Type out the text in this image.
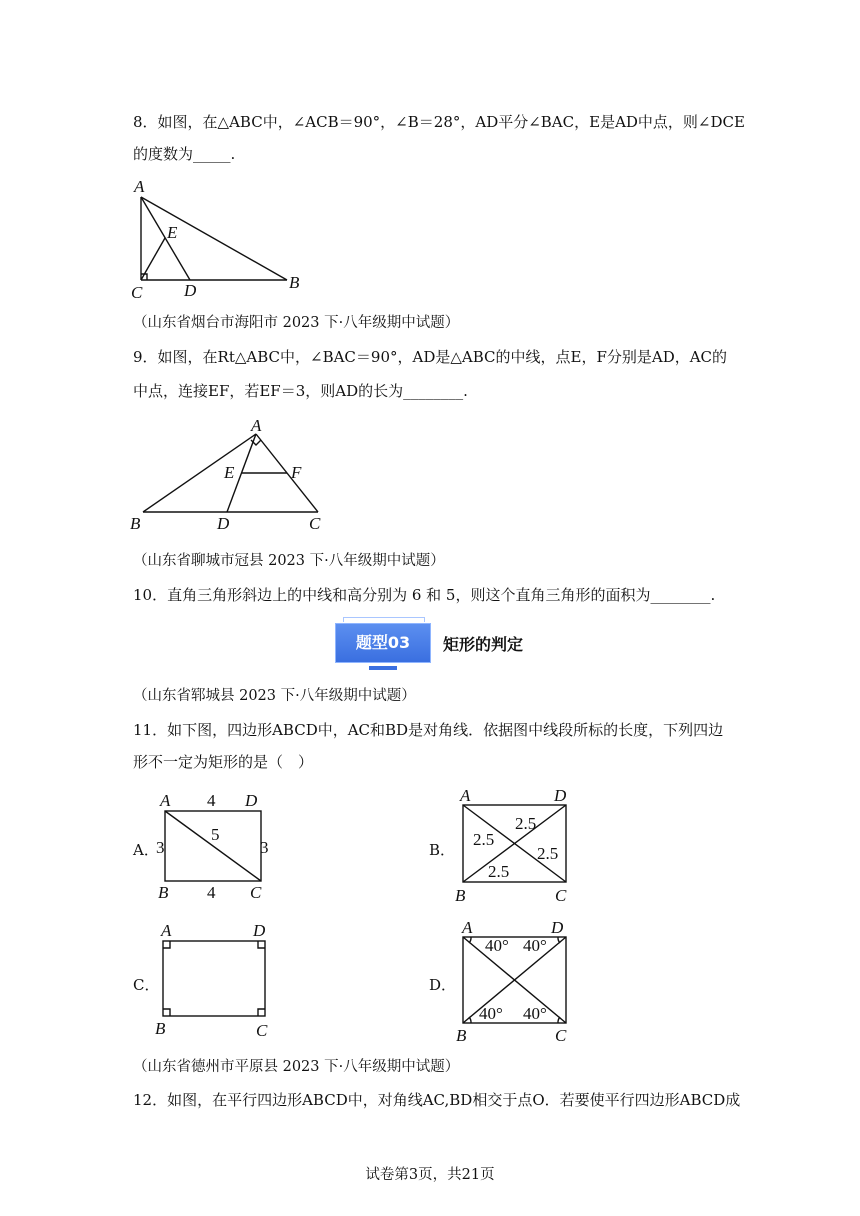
8．如图，在△ABC中，∠ACB＝90°，∠B＝28°，AD平分∠BAC，E是AD中点，则∠DCE
的度数为_____.
A
C D	B
E
（山东省烟台市海阳市 2023 下·八年级期中试题）
9．如图，在Rt△ABC中，∠BAC＝90°，AD是△ABC的中线，点E，F分别是AD，AC的
中点，连接EF，若EF＝3，则AD的长为________.
A
B	D	C
E	F
（山东省聊城市冠县 2023 下·八年级期中试题）
10．直角三角形斜边上的中线和高分别为 6 和 5，则这个直角三角形的面积为________.
题型03	矩形的判定
（山东省郓城县 2023 下·八年级期中试题）
11．如下图，四边形ABCD中，AC和BD是对角线．依据图中线段所标的长度，下列四边
形不一定为矩形的是（　）
A．	B．
C．	D．
A	D
B	C
4
4
3	3
5
A	D
B	C
2.5
2.5
2.5
2.5
A	D
B	C
A	D
B	C
40° 40°
40° 40°
（山东省德州市平原县 2023 下·八年级期中试题）
12．如图，在平行四边形ABCD中，对角线AC,BD相交于点O．若要使平行四边形ABCD成
试卷第3页，共21页
